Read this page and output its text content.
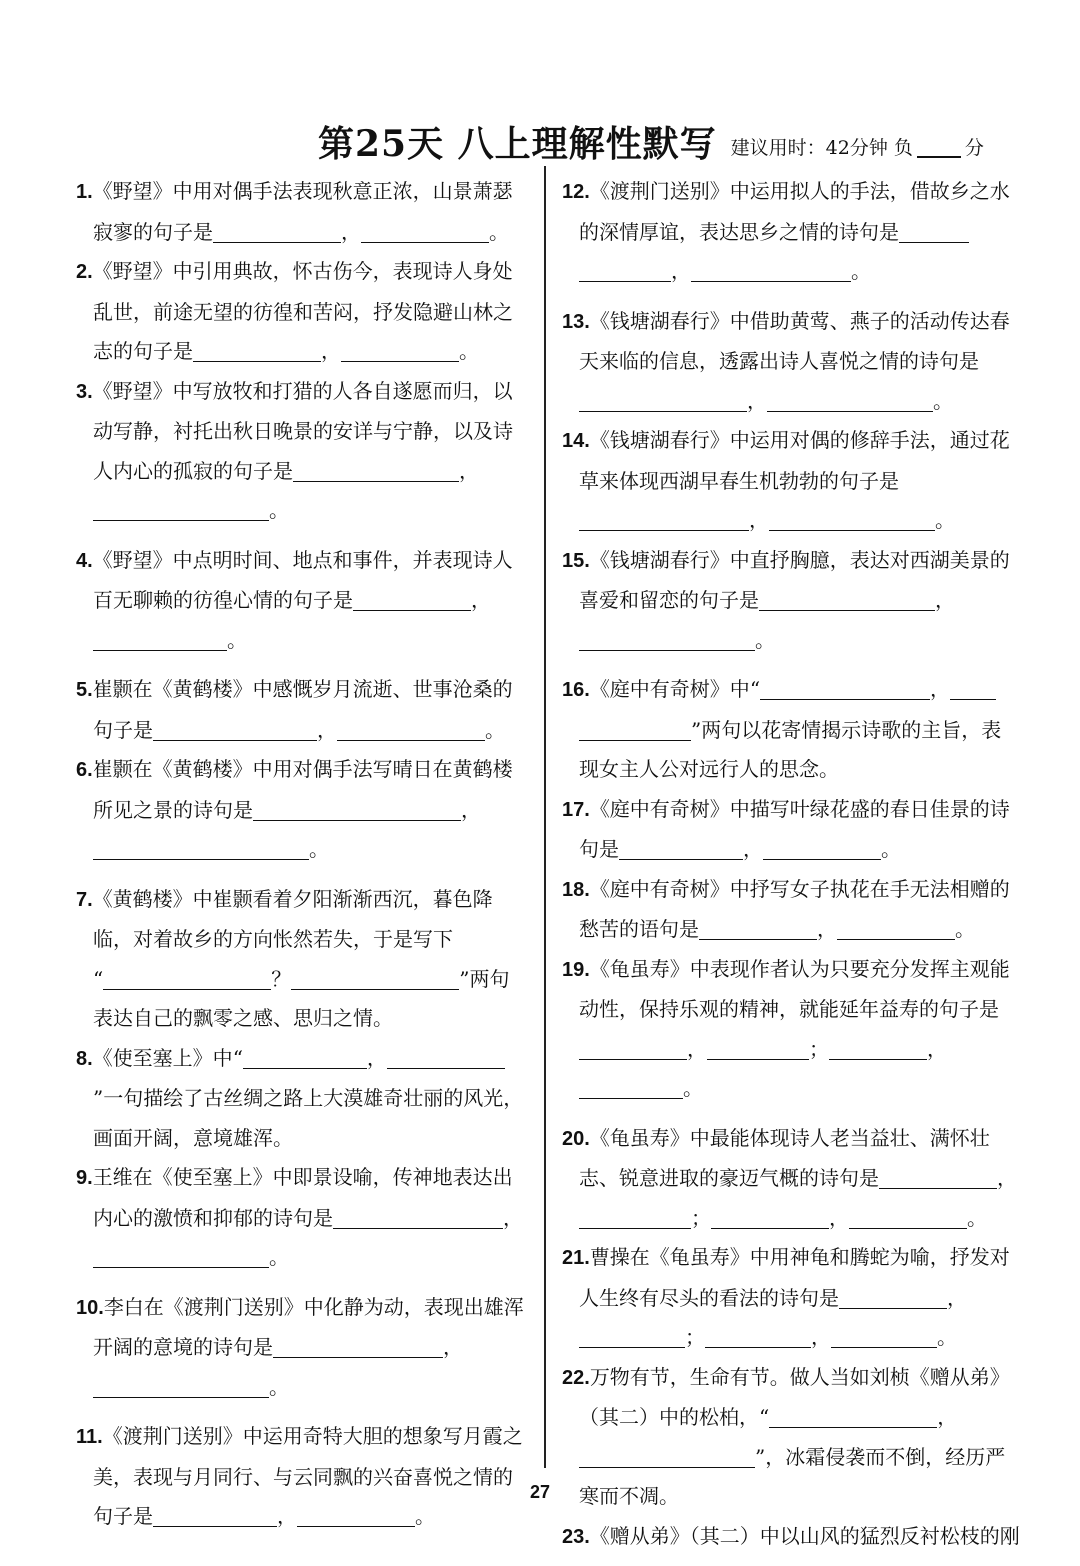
第25天 八上理解性默写 建议用时：42分钟 负	分
1.《野望》中用对偶手法表现秋意正浓，山景萧瑟寂寥的句子是	，	。
2.《野望》中引用典故，怀古伤今，表现诗人身处乱世，前途无望的彷徨和苦闷，抒发隐避山林之志的句子是	，	。
3.《野望》中写放牧和打猎的人各自遂愿而归，以动写静，衬托出秋日晚景的安详与宁静，以及诗人内心的孤寂的句子是	，
。
4.《野望》中点明时间、地点和事件，并表现诗人百无聊赖的彷徨心情的句子是	，
。
5.崔颢在《黄鹤楼》中感慨岁月流逝、世事沧桑的句子是	，	。
6.崔颢在《黄鹤楼》中用对偶手法写晴日在黄鹤楼所见之景的诗句是	，
。
7.《黄鹤楼》中崔颢看着夕阳渐渐西沉，暮色降临，对着故乡的方向怅然若失，于是写下
“	？	”两句表达自己的飘零之感、思归之情。
8.《使至塞上》中“	，”一句描绘了古丝绸之路上大漠雄奇壮丽的风光，画面开阔，意境雄浑。
9.王维在《使至塞上》中即景设喻，传神地表达出内心的激愤和抑郁的诗句是	，
。
10.李白在《渡荆门送别》中化静为动，表现出雄浑开阔的意境的诗句是	，
。
11.《渡荆门送别》中运用奇特大胆的想象写月霞之美，表现与月同行、与云同飘的兴奋喜悦之情的句子是	，	。
12.《渡荆门送别》中运用拟人的手法，借故乡之水的深情厚谊，表达思乡之情的诗句是
，	。
13.《钱塘湖春行》中借助黄莺、燕子的活动传达春天来临的信息，透露出诗人喜悦之情的诗句是，	。
14.《钱塘湖春行》中运用对偶的修辞手法，通过花草来体现西湖早春生机勃勃的句子是
，	。
15.《钱塘湖春行》中直抒胸臆，表达对西湖美景的喜爱和留恋的句子是	，
。
16.《庭中有奇树》中“	，
”两句以花寄情揭示诗歌的主旨，表现女主人公对远行人的思念。
17.《庭中有奇树》中描写叶绿花盛的春日佳景的诗句是	，	。
18.《庭中有奇树》中抒写女子执花在手无法相赠的愁苦的语句是	，	。
19.《龟虽寿》中表现作者认为只要充分发挥主观能动性，保持乐观的精神，就能延年益寿的句子是，	；	，
。
20.《龟虽寿》中最能体现诗人老当益壮、满怀壮志、锐意进取的豪迈气概的诗句是	，
；	，	。
21.曹操在《龟虽寿》中用神龟和腾蛇为喻，抒发对人生终有尽头的看法的诗句是	，
；	，	。
22.万物有节，生命有节。做人当如刘桢《赠从弟》（其二）中的松柏，“	，
”，冰霜侵袭而不倒，经历严寒而不凋。
23.《赠从弟》（其二）中以山风的猛烈反衬松枝的刚
27
